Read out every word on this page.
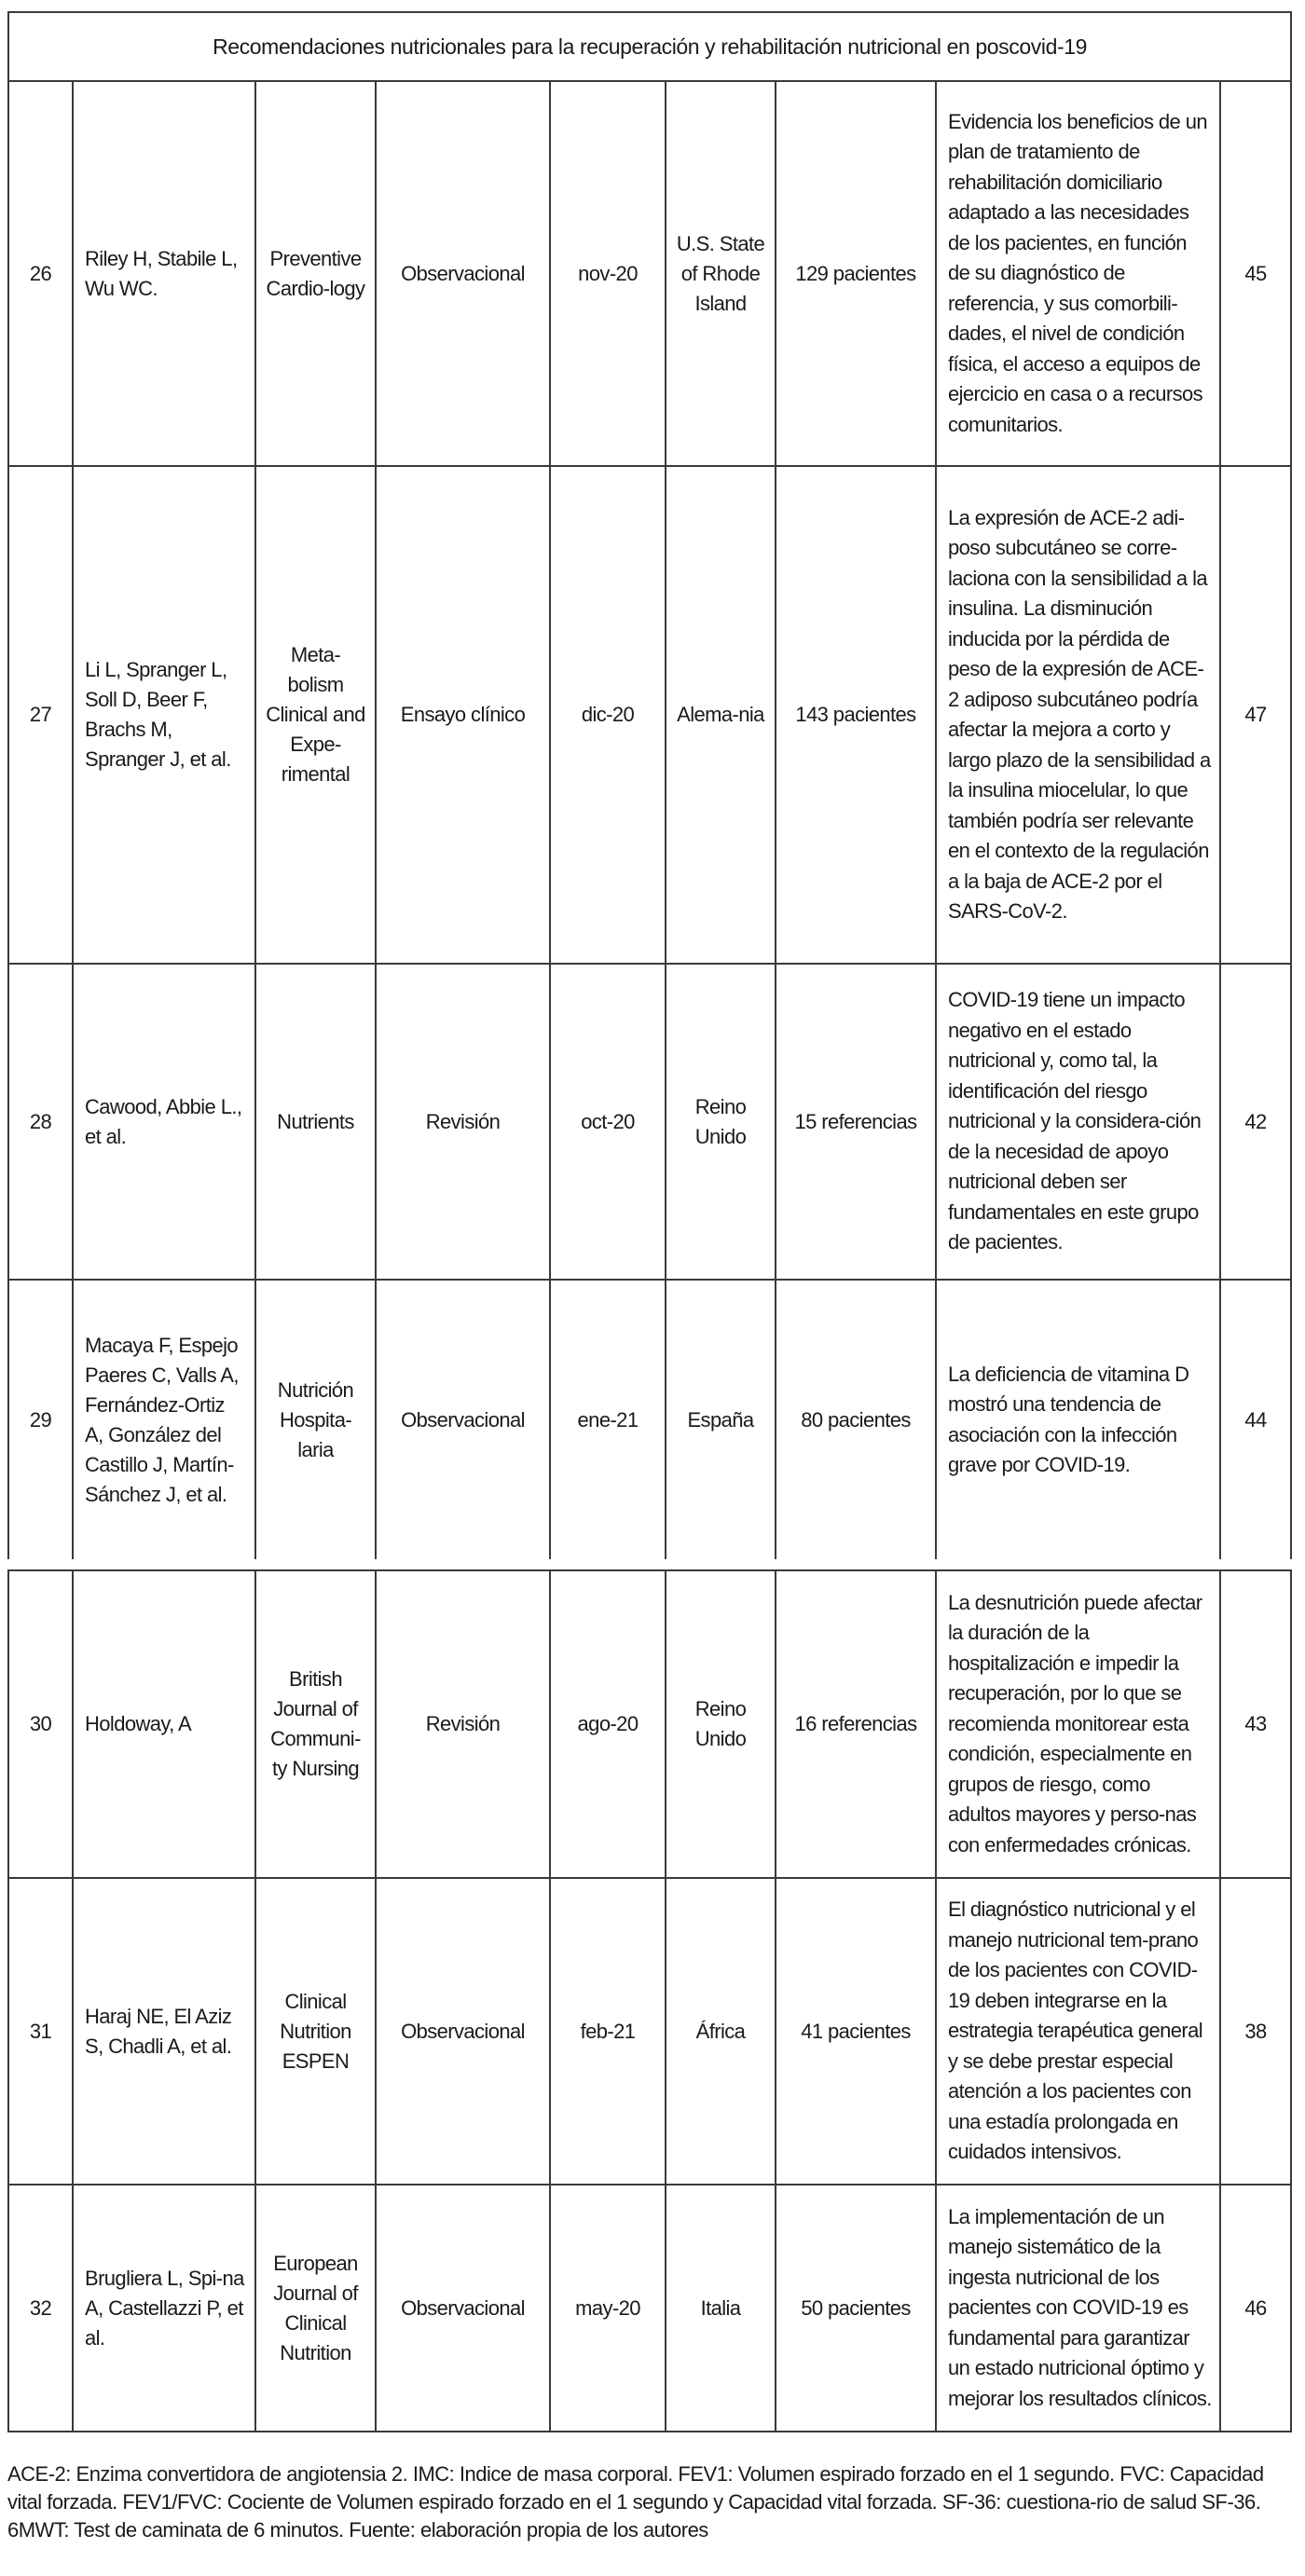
Recomendaciones nutricionales para la recuperación y rehabilitación nutricional en poscovid-19								
26	Riley H, Stabile L, Wu WC.	Preventive Cardio-logy	Observacional	nov-20	U.S. State of Rhode Island	129 pacientes	Evidencia los beneficios de un plan de tratamiento de rehabilitación domiciliario adaptado a las necesidades de los pacientes, en función de su diagnóstico de referencia, y sus comorbili-dades, el nivel de condición física, el acceso a equipos de ejercicio en casa o a recursos comunitarios.	45
27	Li L, Spranger L, Soll D, Beer F, Brachs M, Spranger J, et al.	Meta-bolism Clinical and Expe-rimental	Ensayo clínico	dic-20	Alema-nia	143 pacientes	La expresión de ACE-2 adi-poso subcutáneo se corre-laciona con la sensibilidad a la insulina. La disminución inducida por la pérdida de peso de la expresión de ACE-2 adiposo subcutáneo podría afectar la mejora a corto y largo plazo de la sensibilidad a la insulina miocelular, lo que también podría ser relevante en el contexto de la regulación a la baja de ACE-2 por el SARS-CoV-2.	47
28	Cawood, Abbie L., et al.	Nutrients	Revisión	oct-20	Reino Unido	15 referencias	COVID-19 tiene un impacto negativo en el estado nutricional y, como tal, la identificación del riesgo nutricional y la considera-ción de la necesidad de apoyo nutricional deben ser fundamentales en este grupo de pacientes.	42
29	Macaya F, Espejo Paeres C, Valls A, Fernández-Ortiz A, González del Castillo J, Martín-Sánchez J, et al.	Nutrición Hospita-laria	Observacional	ene-21	España	80 pacientes	La deficiencia de vitamina D mostró una tendencia de asociación con la infección grave por COVID-19.	44
30	Holdoway, A	British Journal of Communi-ty Nursing	Revisión	ago-20	Reino Unido	16 referencias	La desnutrición puede afectar la duración de la hospitalización e impedir la recuperación, por lo que se recomienda monitorear esta condición, especialmente en grupos de riesgo, como adultos mayores y perso-nas con enfermedades crónicas.	43
31	Haraj NE, El Aziz S, Chadli A, et al.	Clinical Nutrition ESPEN	Observacional	feb-21	África	41 pacientes	El diagnóstico nutricional y el manejo nutricional tem-prano de los pacientes con COVID-19 deben integrarse en la estrategia terapéutica general y se debe prestar especial atención a los pacientes con una estadía prolongada en cuidados intensivos.	38
32	Brugliera L, Spi-na A, Castellazzi P, et al.	European Journal of Clinical Nutrition	Observacional	may-20	Italia	50 pacientes	La implementación de un manejo sistemático de la ingesta nutricional de los pacientes con COVID-19 es fundamental para garantizar un estado nutricional óptimo y mejorar los resultados clínicos.	46
ACE-2: Enzima convertidora de angiotensia 2. IMC: Indice de masa corporal. FEV1: Volumen espirado forzado en el 1 segundo. FVC: Capacidad vital forzada. FEV1/FVC: Cociente de Volumen espirado forzado en el 1 segundo y Capacidad vital forzada. SF-36: cuestiona-rio de salud SF-36. 6MWT: Test de caminata de 6 minutos. Fuente: elaboración propia de los autores
